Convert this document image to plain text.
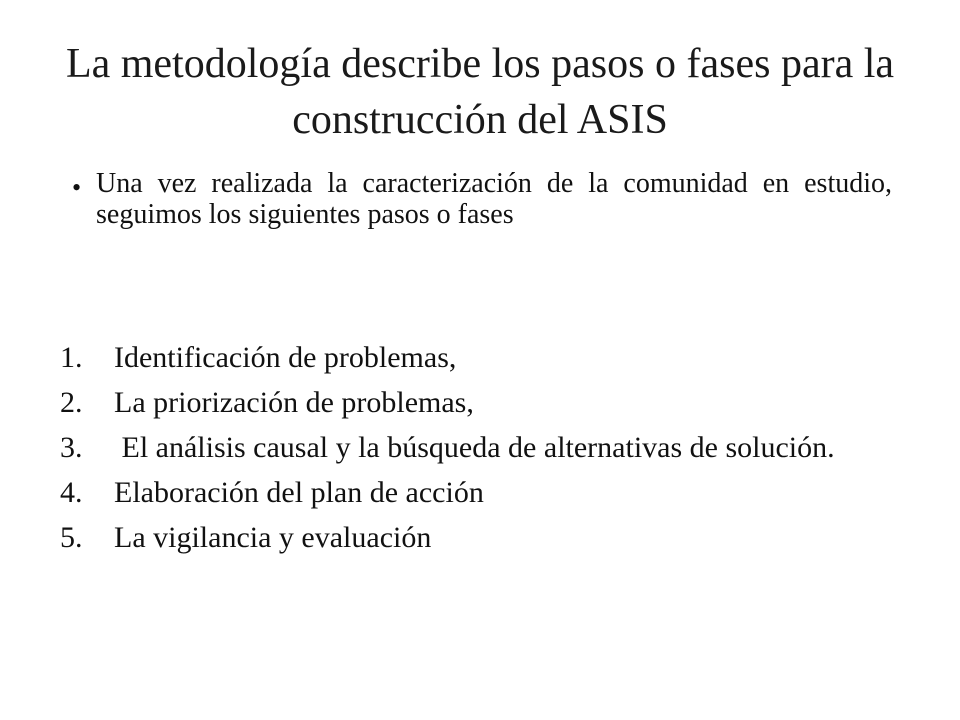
La metodología describe los pasos o fases para la construcción del ASIS
• Una vez realizada la caracterización de la comunidad en estudio, seguimos los siguientes pasos o fases
1. Identificación de problemas,
2. La priorización de problemas,
3. El análisis causal y la búsqueda de alternativas de solución.
4. Elaboración del plan de acción
5. La vigilancia y evaluación
